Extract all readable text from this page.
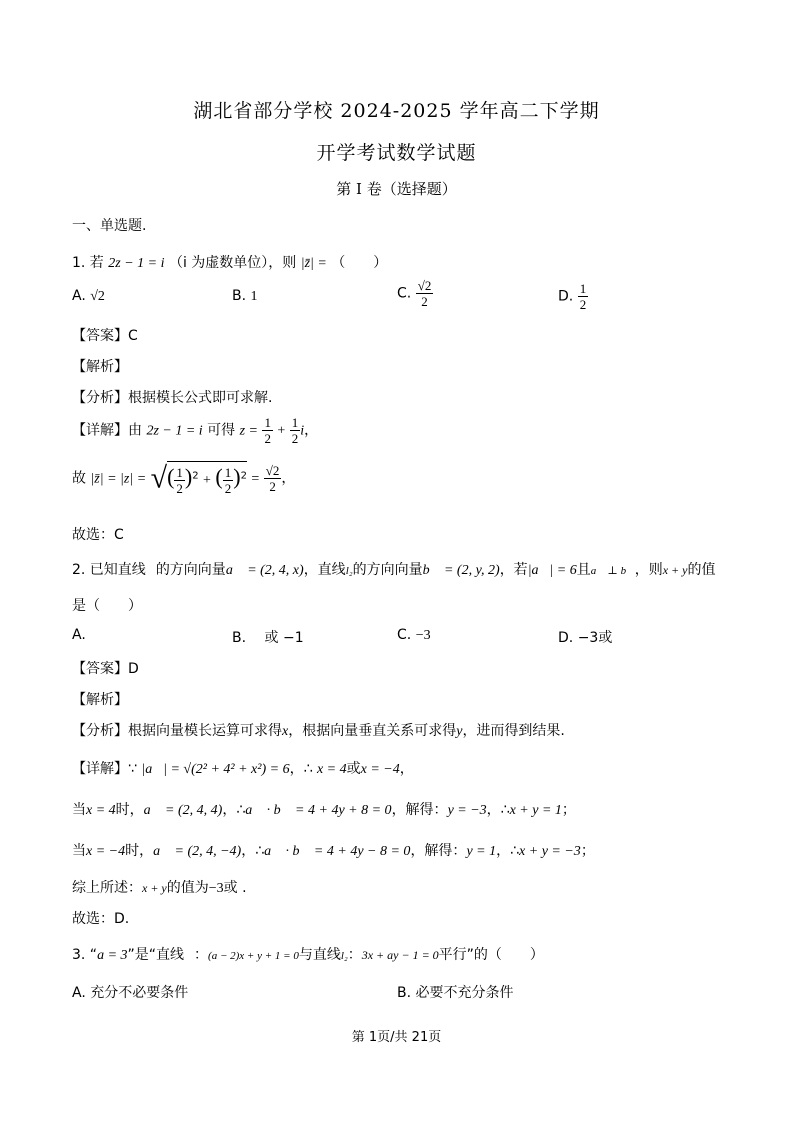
湖北省部分学校 2024-2025 学年高二下学期
开学考试数学试题
第 I 卷（选择题）
一、单选题.
1. 若 2z − 1 = i （i 为虚数单位），则 |z̄| = （　　）
A. √2	B. 1	C. $\frac{√2}{2}$	D. $\frac{1}{2}$
【答案】C
【解析】
【分析】根据模长公式即可求解.
【详解】由 2z − 1 = i 可得 $z = \frac{1}{2} + \frac{1}{2}$ i，
故 |z̄| = |z| = √( $\frac{1}{2} )^2$ + ( $\frac{1}{2} )^2 = \frac{√2}{2}$ ，
故选：C
2. 已知直线 的方向向量a⃗ = (2, 4, x)，直线l₂的方向向量b⃗ = (2, y, 2)，若|a⃗| = 6且a⃗ ⊥ b⃗，则x + y的值
是（　　）
A.	B. 或 −1	C. −3	D. −3或
【答案】D
【解析】
【分析】根据向量模长运算可求得x，根据向量垂直关系可求得y，进而得到结果.
【详解】∵ |a⃗| = √(2² + 4² + x²) = 6，∴ x = 4或x = −4，
当x = 4时，a⃗ = (2, 4, 4)，∴a⃗ · b⃗ = 4 + 4y + 8 = 0，解得：y = −3，∴x + y = 1；
当x = −4时，a⃗ = (2, 4, −4)，∴a⃗ · b⃗ = 4 + 4y − 8 = 0，解得：y = 1，∴x + y = −3；
综上所述：x + y的值为−3或 .
故选：D.
3. “a = 3”是“直线 ：(a − 2)x + y + 1 = 0与直线l₂：3x + ay − 1 = 0平行”的（　　）
A. 充分不必要条件	B. 必要不充分条件
第 1页/共 21页
